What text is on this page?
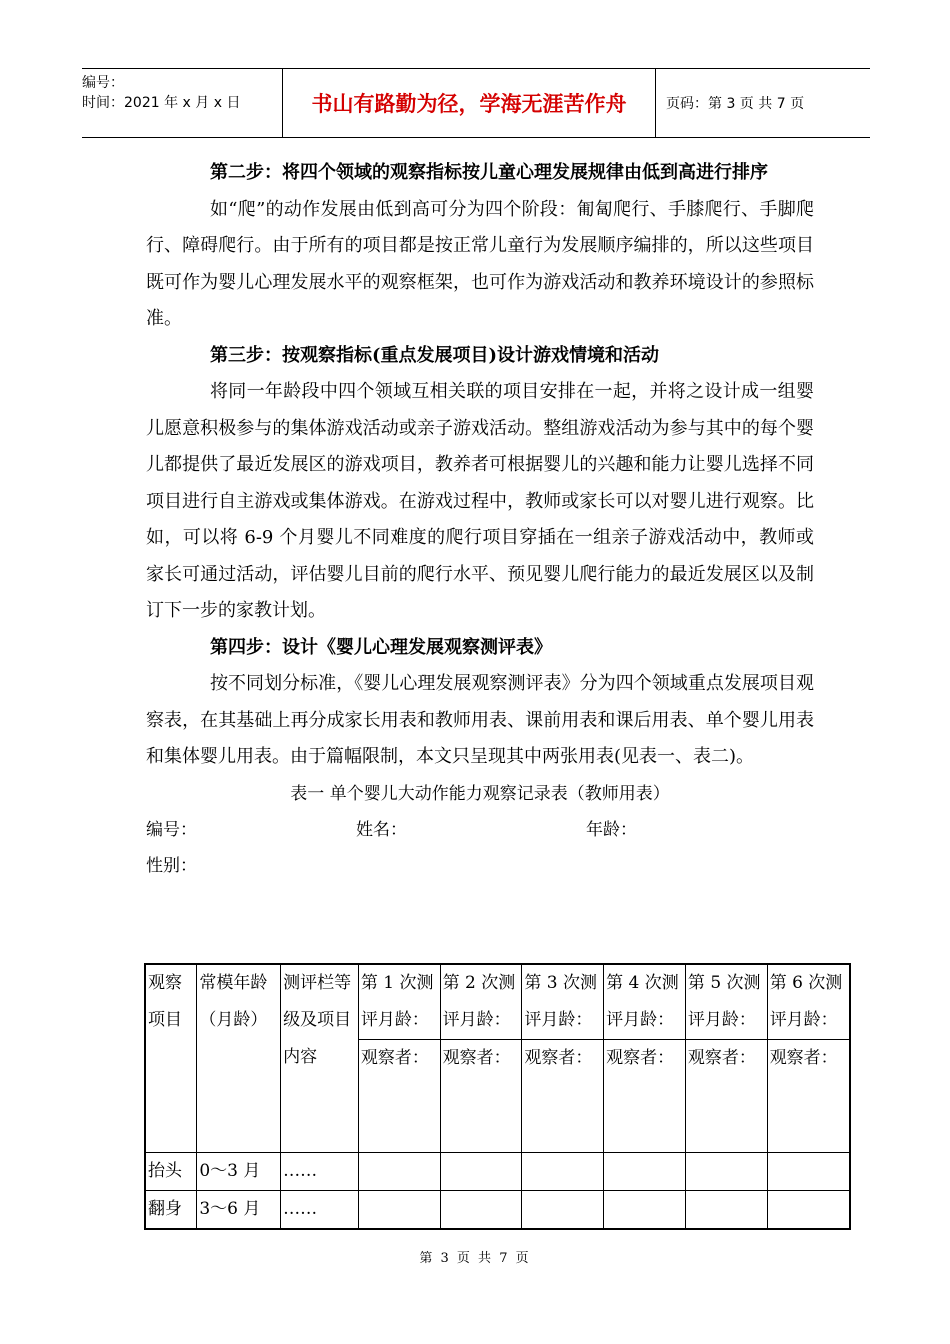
编号：
时间：2021 年 x 月 x 日	书山有路勤为径，学海无涯苦作舟	页码：第 3 页 共 7 页

第二步：将四个领域的观察指标按儿童心理发展规律由低到高进行排序

如“爬”的动作发展由低到高可分为四个阶段：匍匐爬行、手膝爬行、手脚爬行、障碍爬行。由于所有的项目都是按正常儿童行为发展顺序编排的，所以这些项目既可作为婴儿心理发展水平的观察框架，也可作为游戏活动和教养环境设计的参照标准。

第三步：按观察指标(重点发展项目)设计游戏情境和活动

将同一年龄段中四个领域互相关联的项目安排在一起，并将之设计成一组婴儿愿意积极参与的集体游戏活动或亲子游戏活动。整组游戏活动为参与其中的每个婴儿都提供了最近发展区的游戏项目，教养者可根据婴儿的兴趣和能力让婴儿选择不同项目进行自主游戏或集体游戏。在游戏过程中，教师或家长可以对婴儿进行观察。比如，可以将 6-9 个月婴儿不同难度的爬行项目穿插在一组亲子游戏活动中，教师或家长可通过活动，评估婴儿目前的爬行水平、预见婴儿爬行能力的最近发展区以及制订下一步的家教计划。

第四步：设计《婴儿心理发展观察测评表》

按不同划分标准，《婴儿心理发展观察测评表》分为四个领域重点发展项目观察表，在其基础上再分成家长用表和教师用表、课前用表和课后用表、单个婴儿用表和集体婴儿用表。由于篇幅限制，本文只呈现其中两张用表(见表一、表二)。

表一 单个婴儿大动作能力观察记录表（教师用表）

编号：	姓名：	年龄：
性别：
观察项目	常模年龄（月龄）	测评栏等级及项目内容	第 1 次测评月龄：	第 2 次测评月龄：	第 3 次测评月龄：	第 4 次测评月龄：	第 5 次测评月龄：	第 6 次测评月龄：
			观察者：	观察者：	观察者：	观察者：	观察者：	观察者：
抬头	0～3 月	……						
翻身	3～6 月	……						
第 3 页 共 7 页
